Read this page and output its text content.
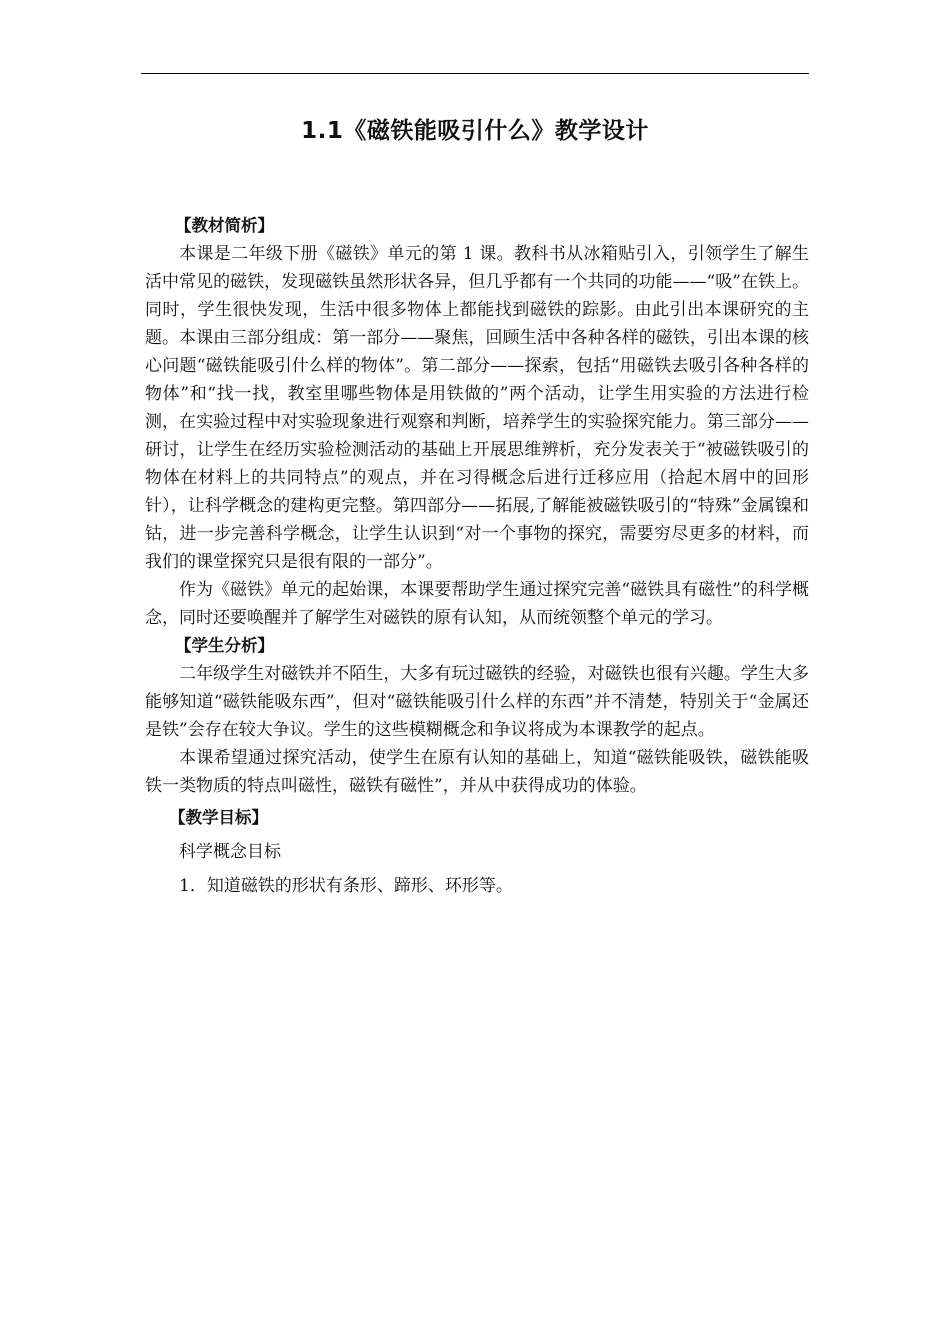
1.1《磁铁能吸引什么》教学设计

【教材简析】

本课是二年级下册《磁铁》单元的第 1 课。教科书从冰箱贴引入，引领学生了解生活中常见的磁铁，发现磁铁虽然形状各异，但几乎都有一个共同的功能——“吸”在铁上。同时，学生很快发现，生活中很多物体上都能找到磁铁的踪影。由此引出本课研究的主题。本课由三部分组成：第一部分——聚焦，回顾生活中各种各样的磁铁，引出本课的核心问题“磁铁能吸引什么样的物体”。第二部分——探索，包括“用磁铁去吸引各种各样的物体”和“找一找，教室里哪些物体是用铁做的”两个活动，让学生用实验的方法进行检测，在实验过程中对实验现象进行观察和判断，培养学生的实验探究能力。第三部分——研讨，让学生在经历实验检测活动的基础上开展思维辨析，充分发表关于“被磁铁吸引的物体在材料上的共同特点”的观点，并在习得概念后进行迁移应用（拾起木屑中的回形针），让科学概念的建构更完整。第四部分——拓展,了解能被磁铁吸引的“特殊”金属镍和钴，进一步完善科学概念，让学生认识到“对一个事物的探究，需要穷尽更多的材料，而我们的课堂探究只是很有限的一部分”。

作为《磁铁》单元的起始课，本课要帮助学生通过探究完善“磁铁具有磁性”的科学概念，同时还要唤醒并了解学生对磁铁的原有认知，从而统领整个单元的学习。

【学生分析】

二年级学生对磁铁并不陌生，大多有玩过磁铁的经验，对磁铁也很有兴趣。学生大多能够知道“磁铁能吸东西”，但对“磁铁能吸引什么样的东西”并不清楚，特别关于“金属还是铁”会存在较大争议。学生的这些模糊概念和争议将成为本课教学的起点。

本课希望通过探究活动，使学生在原有认知的基础上，知道“磁铁能吸铁，磁铁能吸铁一类物质的特点叫磁性，磁铁有磁性”，并从中获得成功的体验。

【教学目标】

科学概念目标

1．知道磁铁的形状有条形、蹄形、环形等。
